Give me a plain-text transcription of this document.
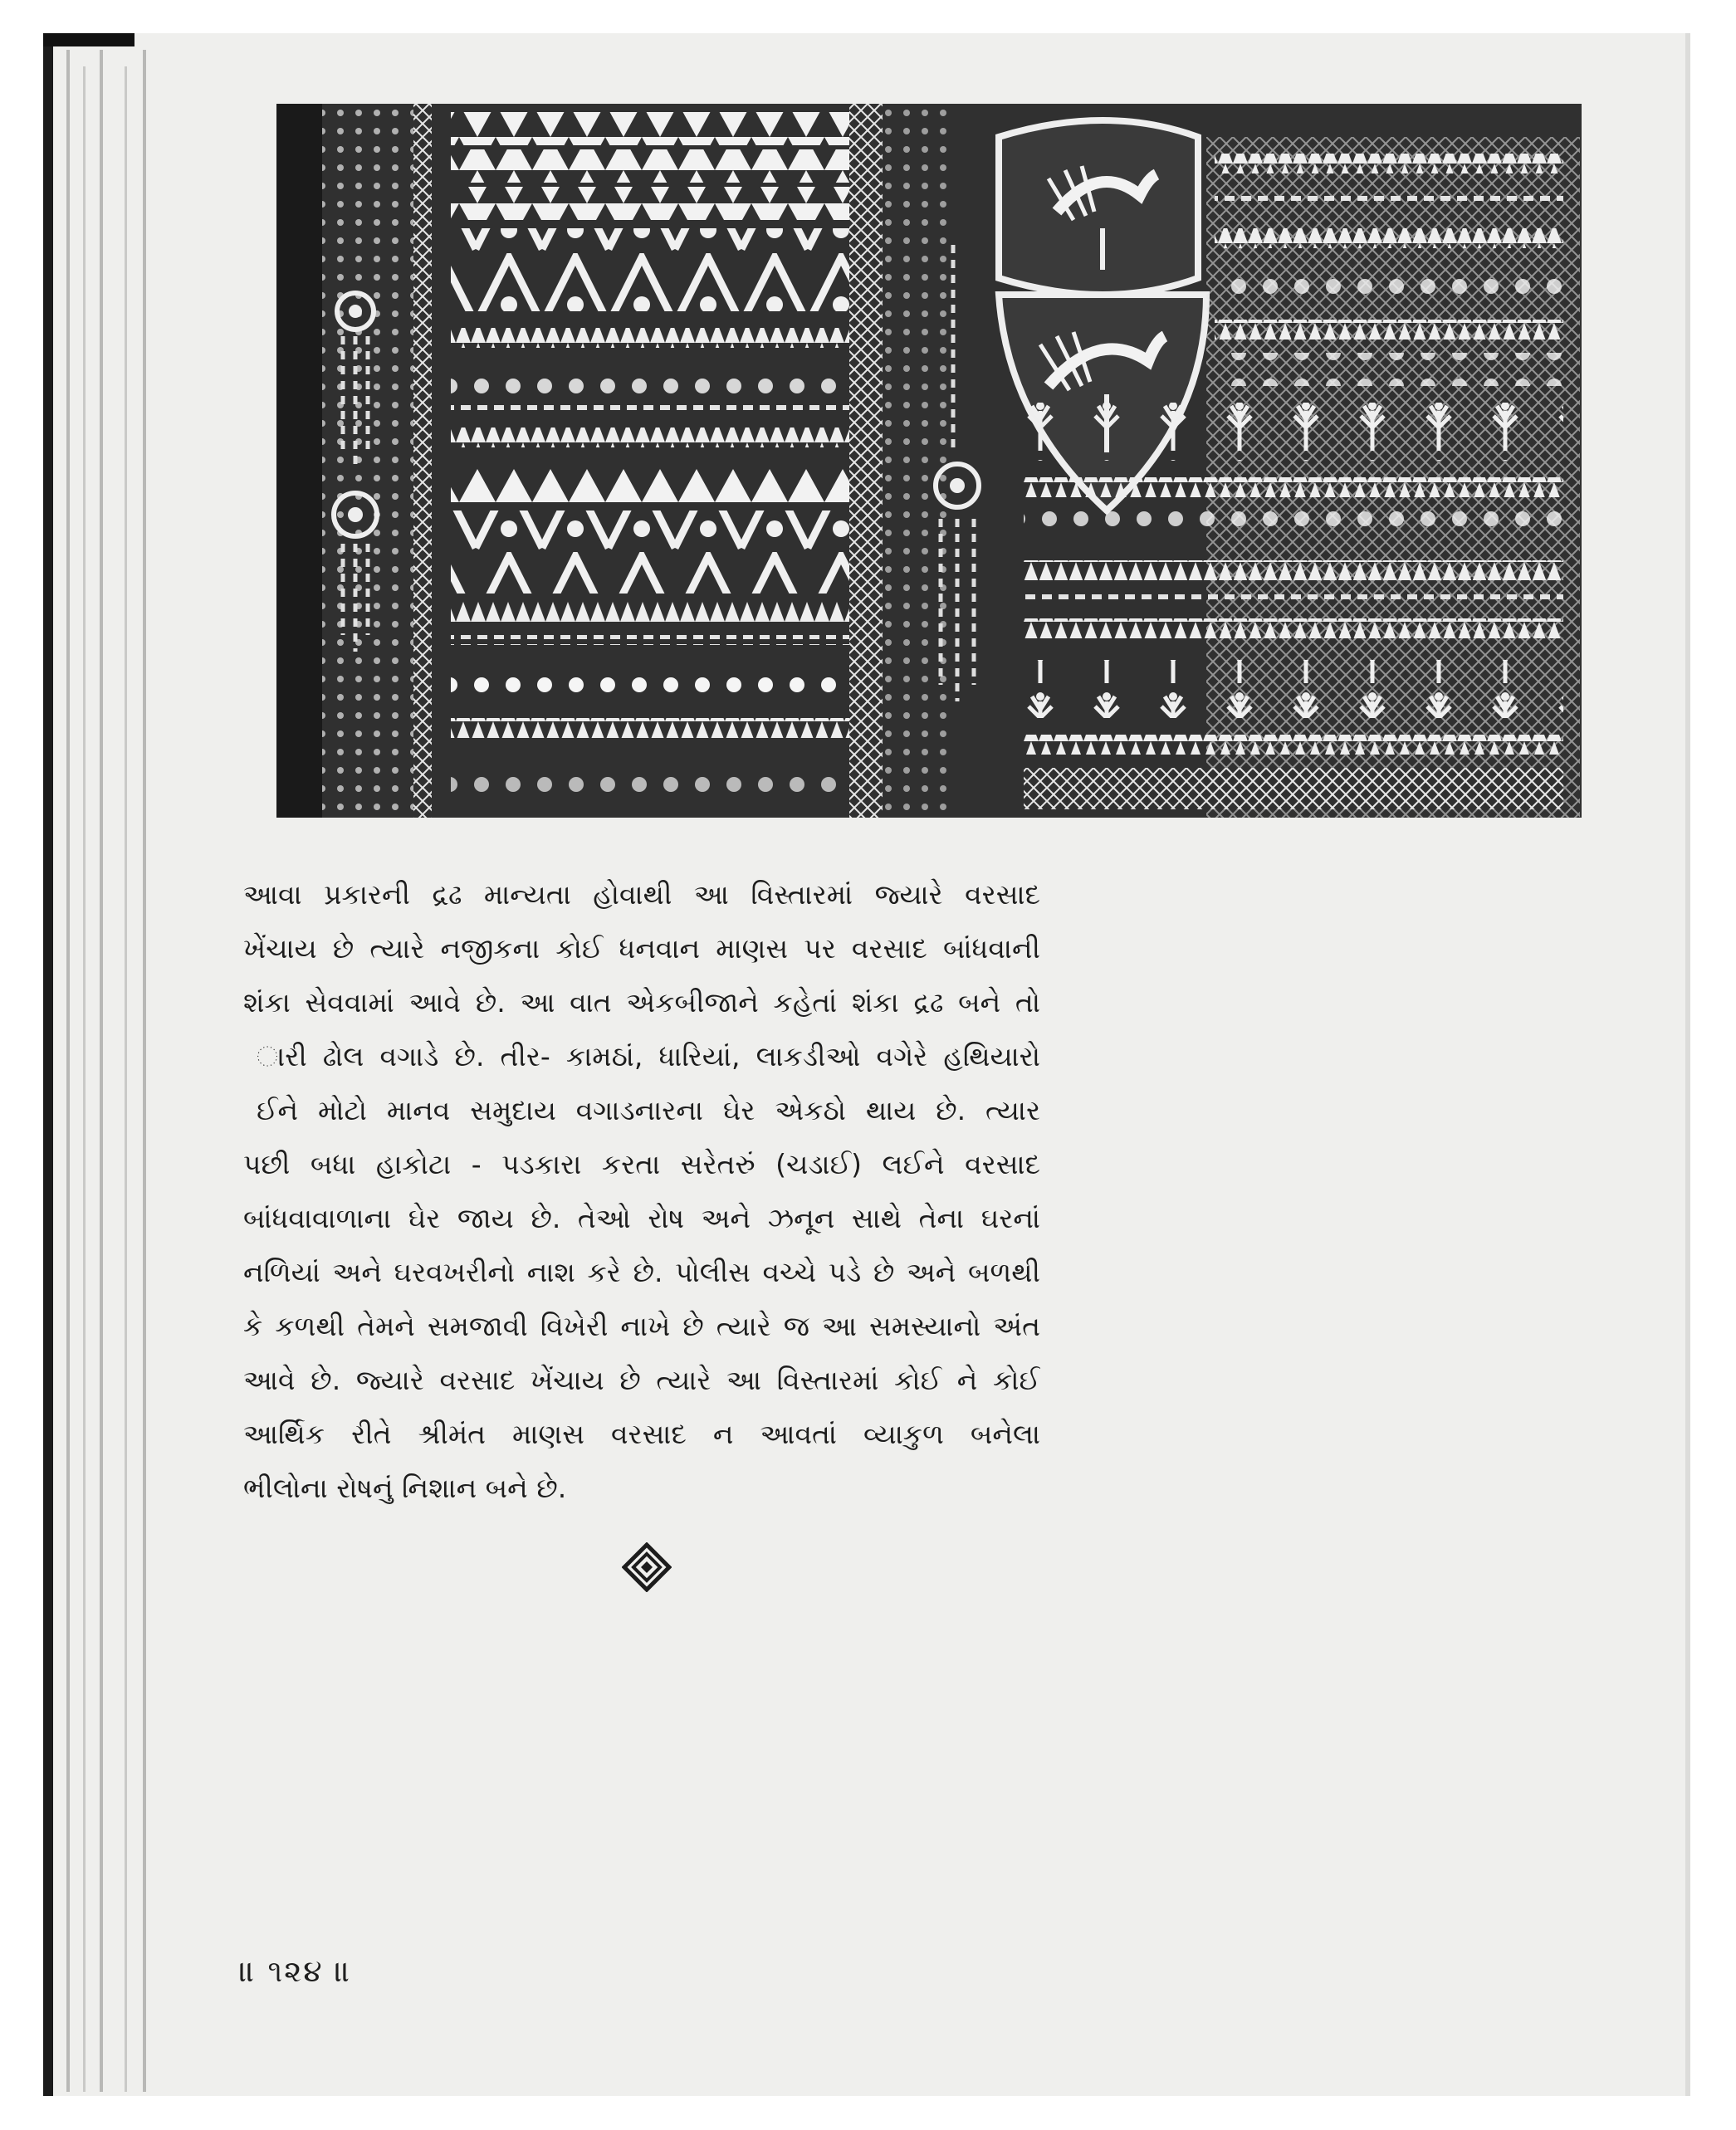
આવા પ્રકારની દ્રઢ માન્યતા હોવાથી આ વિસ્તારમાં જ્યારે વરસાદ
ખેંચાય છે ત્યારે નજીકના કોઈ ધનવાન માણસ પર વરસાદ બાંધવાની
શંકા સેવવામાં આવે છે. આ વાત એકબીજાને કહેતાં શંકા દ્રઢ બને તો
ારી ઢોલ વગાડે છે. તીર- કામઠાં, ધારિયાં, લાકડીઓ વગેરે હથિયારો
ઈને મોટો માનવ સમુદાય વગાડનારના ઘેર એકઠો થાય છે. ત્યાર
પછી બધા હાકોટા - પડકારા કરતા સરેતરું (ચડાઈ) લઈને વરસાદ
બાંધવાવાળાના ઘેર જાય છે. તેઓ રોષ અને ઝનૂન સાથે તેના ઘરનાં
નળિયાં અને ઘરવખરીનો નાશ કરે છે. પોલીસ વચ્ચે પડે છે અને બળથી
કે કળથી તેમને સમજાવી વિખેરી નાખે છે ત્યારે જ આ સમસ્યાનો અંત
આવે છે. જ્યારે વરસાદ ખેંચાય છે ત્યારે આ વિસ્તારમાં કોઈ ને કોઈ
આર્થિક રીતે શ્રીમંત માણસ વરસાદ ન આવતાં વ્યાકુળ બનેલા
ભીલોના રોષનું નિશાન બને છે.
॥ ૧૨૪ ॥
